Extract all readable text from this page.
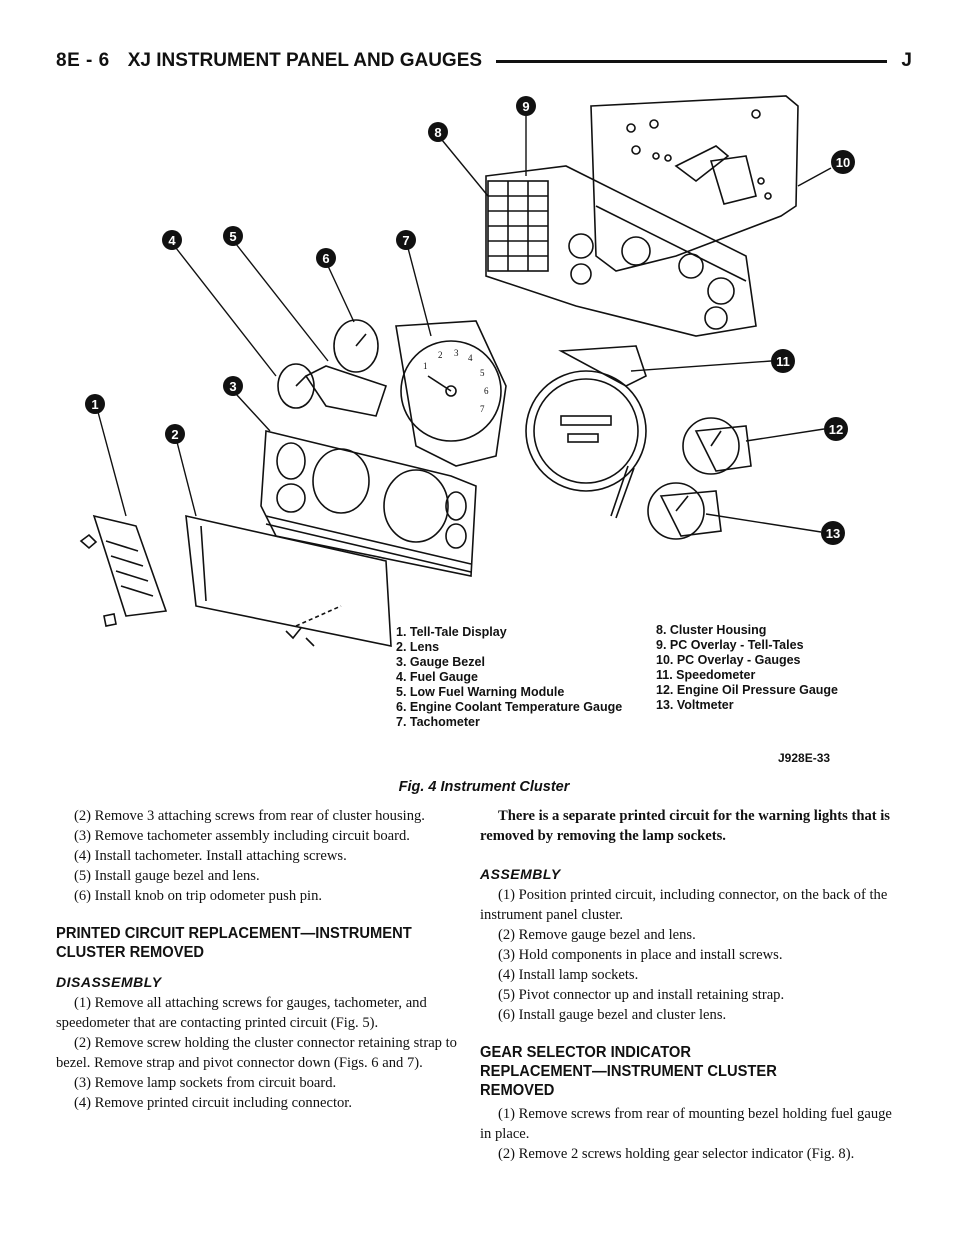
8E - 6 XJ INSTRUMENT PANEL AND GAUGES	J
1
2 3 4
5
6
7
1
2
3
4	5
6
7
8
9
10
11
12
13
1. Tell-Tale Display
2. Lens
3. Gauge Bezel
4. Fuel Gauge
5. Low Fuel Warning Module
6. Engine Coolant Temperature Gauge
7. Tachometer
8. Cluster Housing
9. PC Overlay - Tell-Tales
10. PC Overlay - Gauges
11. Speedometer
12. Engine Oil Pressure Gauge
13. Voltmeter
J928E-33
Fig. 4 Instrument Cluster

(2) Remove 3 attaching screws from rear of cluster housing.

(3) Remove tachometer assembly including circuit board.

(4) Install tachometer. Install attaching screws.

(5) Install gauge bezel and lens.

(6) Install knob on trip odometer push pin.

PRINTED CIRCUIT REPLACEMENT—INSTRUMENT
CLUSTER REMOVED
DISASSEMBLY

(1) Remove all attaching screws for gauges, tachometer, and speedometer that are contacting printed circuit (Fig. 5).

(2) Remove screw holding the cluster connector retaining strap to bezel. Remove strap and pivot connector down (Figs. 6 and 7).

(3) Remove lamp sockets from circuit board.

(4) Remove printed circuit including connector.

There is a separate printed circuit for the warning lights that is removed by removing the lamp sockets.

ASSEMBLY

(1) Position printed circuit, including connector, on the back of the instrument panel cluster.

(2) Remove gauge bezel and lens.

(3) Hold components in place and install screws.

(4) Install lamp sockets.

(5) Pivot connector up and install retaining strap.

(6) Install gauge bezel and cluster lens.

GEAR SELECTOR INDICATOR
REPLACEMENT—INSTRUMENT CLUSTER
REMOVED

(1) Remove screws from rear of mounting bezel holding fuel gauge in place.

(2) Remove 2 screws holding gear selector indicator (Fig. 8).
